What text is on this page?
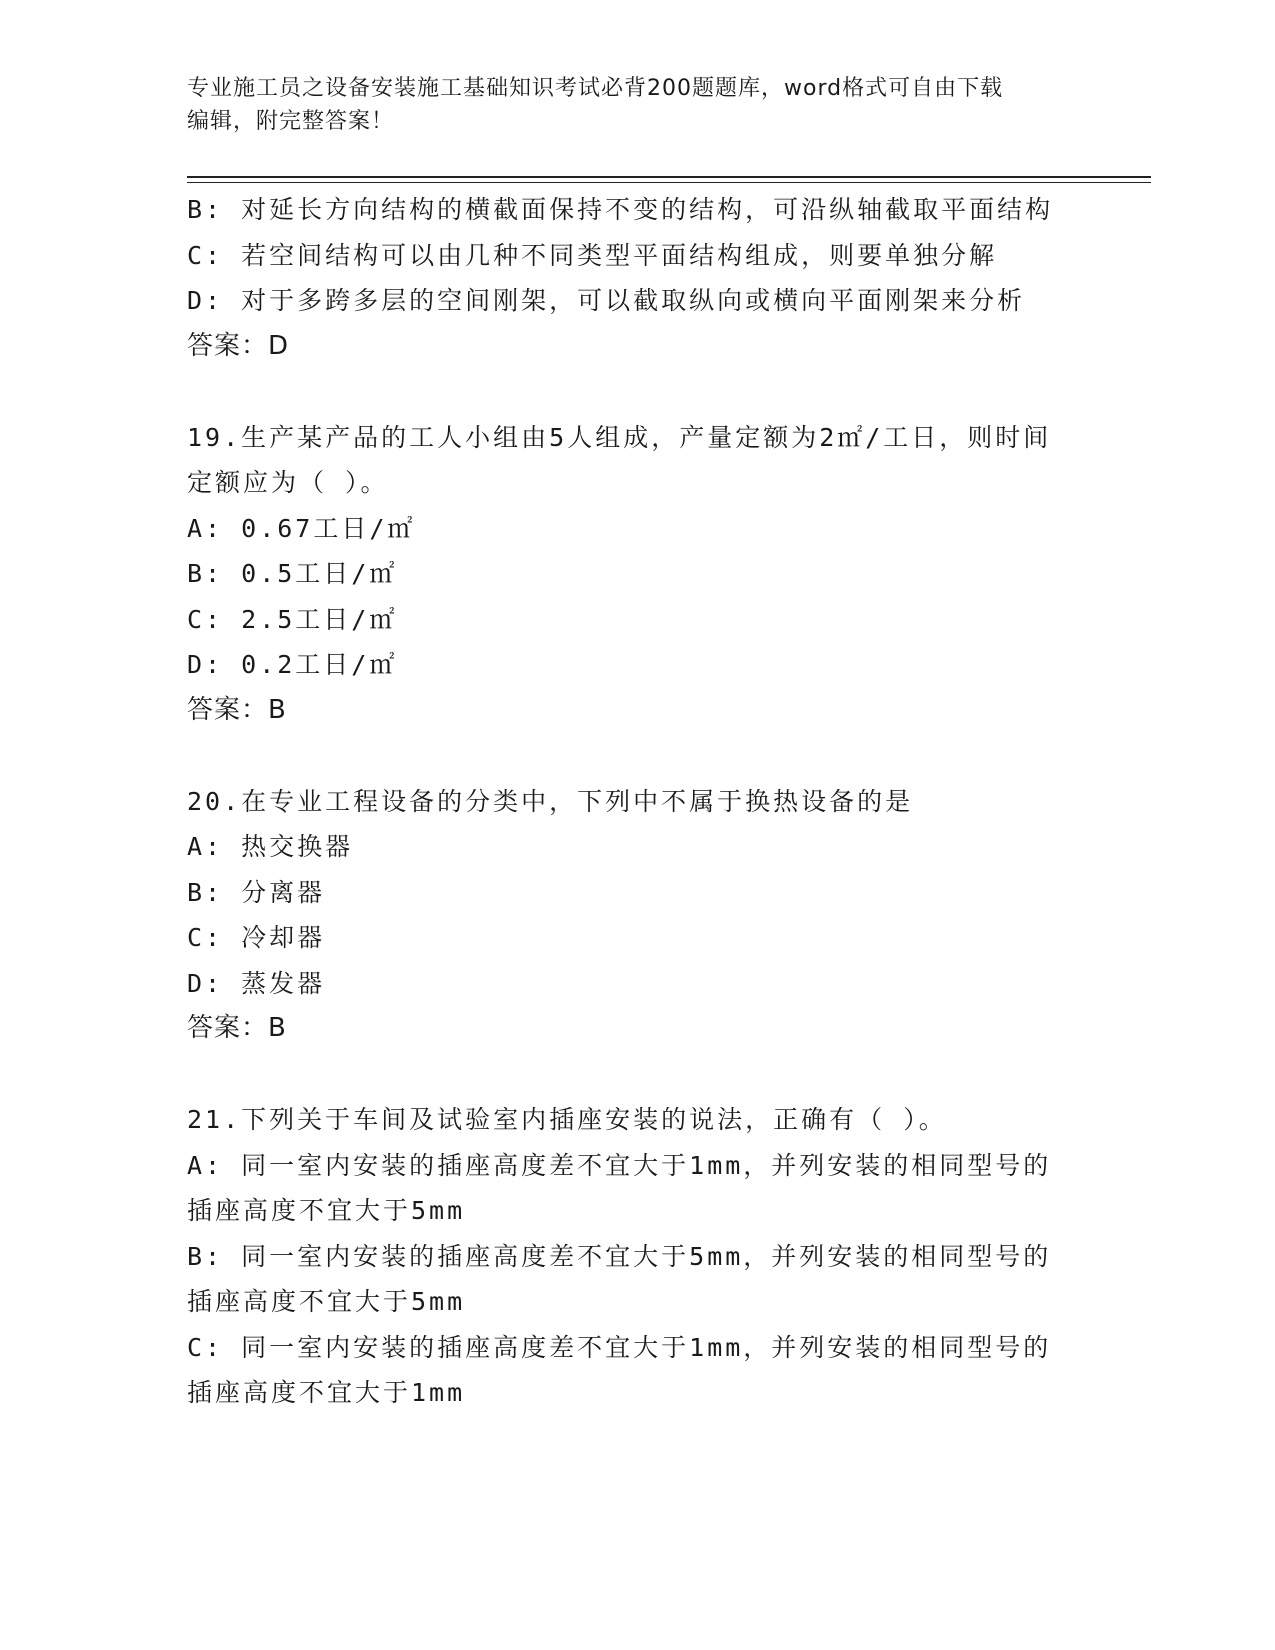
专业施工员之设备安装施工基础知识考试必背200题题库，word格式可自由下载
编辑，附完整答案！
B: 对延长方向结构的横截面保持不变的结构，可沿纵轴截取平面结构
C: 若空间结构可以由几种不同类型平面结构组成，则要单独分解
D: 对于多跨多层的空间刚架，可以截取纵向或横向平面刚架来分析
答案：D
19.生产某产品的工人小组由5人组成，产量定额为2㎡/工日，则时间
定额应为（ ）。
A: 0.67工日/㎡
B: 0.5工日/㎡
C: 2.5工日/㎡
D: 0.2工日/㎡
答案：B
20.在专业工程设备的分类中，下列中不属于换热设备的是
A: 热交换器
B: 分离器
C: 冷却器
D: 蒸发器
答案：B
21.下列关于车间及试验室内插座安装的说法，正确有（ ）。
A: 同一室内安装的插座高度差不宜大于1mm，并列安装的相同型号的
插座高度不宜大于5mm
B: 同一室内安装的插座高度差不宜大于5mm，并列安装的相同型号的
插座高度不宜大于5mm
C: 同一室内安装的插座高度差不宜大于1mm，并列安装的相同型号的
插座高度不宜大于1mm
